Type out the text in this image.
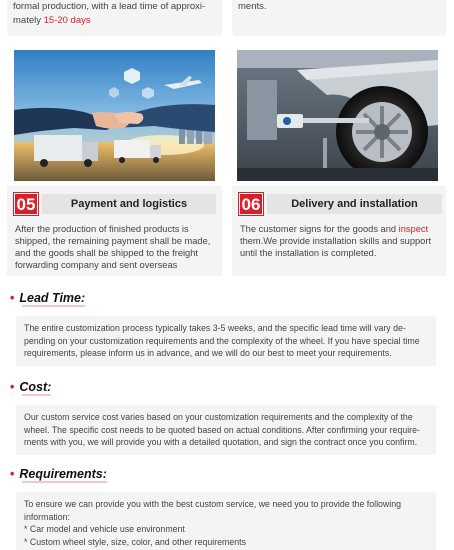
formal production, with a lead time of approxi-

mately 15-20 days

ments.

05	Payment and logistics

After the production of finished products is shipped, the remaining payment shall be made, and the goods shall be shipped to the freight forwarding company and sent overseas

06	Delivery and installation

The customer signs for the goods and inspect them.We provide installation skills and support until the installation is completed.

• Lead Time :

The entire customization process typically takes 3-5 weeks, and the specific lead time will vary de-

pending on your customization requirements and the complexity of the wheel. If you have special time

requirements, please inform us in advance, and we will do our best to meet your requirements.

• Cost :

Our custom service cost varies based on your customization requirements and the complexity of the

wheel. The specific cost needs to be quoted based on actual conditions. After confirming your require-

ments with you, we will provide you with a detailed quotation, and sign the contract once you confirm.

• Requirements :

To ensure we can provide you with the best custom service, we need you to provide the following

information:

* Car model and vehicle use environment

* Custom wheel style, size, color, and other requirements
